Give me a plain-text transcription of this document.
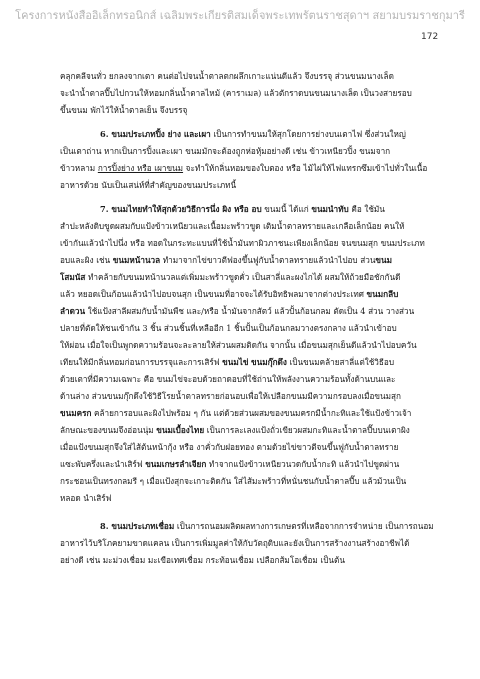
โครงการหนังสืออิเล็กทรอนิกส์ เฉลิมพระเกียรติสมเด็จพระเทพรัตนราชสุดาฯ สยามบรมราชกุมารี
172
คลุกคลีจนทั่ว ยกลงจากเตา คนต่อไปจนน้ำตาลตกผลึกเกาะแน่นดีแล้ว จึงบรรจุ ส่วนขนมนางเล็ด
จะนำน้ำตาลปี๊บไปกวนให้หอมกลิ่นน้ำตาลไหม้ (คาราเมล) แล้วตักราดบนขนมนางเล็ด เป็นวงสายรอบ
ขึ้นขนม พักไว้ให้น้ำตาลเย็น จึงบรรจุ
6. ขนมประเภทปิ้ง ย่าง และเผา เป็นการทำขนมให้สุกโดยการย่างบนเตาไฟ ซึ่งส่วนใหญ่
เป็นเตาถ่าน หากเป็นการปิ้งและเผา ขนมมักจะต้องถูกห่อหุ้มอย่างดี เช่น ข้าวเหนียวปิ้ง ขนมจาก
ข้าวหลาม การปิ้งย่าง หรือ เผาขนม จะทำให้กลิ่นหอมของใบตอง หรือ ไม้ไผ่ให้ไฟแทรกซึมเข้าไปทั่วในเนื้อ
อาหารด้วย นับเป็นเสน่ห์ที่สำคัญของขนมประเภทนี้
7. ขนมไทยทำให้สุกด้วยวิธีการนึ่ง ผิง หรือ อบ ขนมนี้ ได้แก่ ขนมนำทับ คือ ใช้มัน
สำปะหลังดิบขูดผสมกับแป้งข้าวเหนียวและเนื้อมะพร้าวขูด เติมน้ำตาลทรายและเกลือเล็กน้อย คนให้
เข้ากันแล้วนำไปนึ่ง หรือ ทอดในกระทะแบนที่ใช้น้ำมันทาผิวภาชนะเพียงเล็กน้อย จนขนมสุก ขนมประเภท
อบและผิง เช่น ขนมหน้านวล ทำมาจากไข่ขาวตีฟองขึ้นฟูกับน้ำตาลทรายแล้วนำไปอบ ส่วนขนม
โสมนัส ทำคล้ายกับขนมหน้านวลแต่เพิ่มมะพร้าวขูดคั่ว เป็นสาลี่และผงไกได้ ผสมให้ถ้วยมือชักกันดี
แล้ว หยอดเป็นก้อนแล้วนำไปอบจนสุก เป็นขนมที่อาจจะได้รับอิทธิพลมาจากต่างประเทศ ขนมกลีบ
ลำดวน ใช้แป้งสาลีผสมกับน้ำมันพืช และ/หรือ น้ำมันจากสัตว์ แล้วปั้นก้อนกลม ตัดเป็น 4 ส่วน วางส่วน
ปลายที่ตัดให้ชนเข้ากัน 3 ชิ้น ส่วนชิ้นที่เหลืออีก 1 ชิ้นปั้นเป็นก้อนกลมวางตรงกลาง แล้วนำเข้าอบ
ให้ผ่อน เมื่อใจเป็นพูกดความร้อนจะละลายให้ส่วนผสมติดกัน จากนั้น เมื่อขนมสุกเย็นดีแล้วนำไปอบควัน
เทียนให้มีกลิ่นหอมก่อนการบรรจุและการเสิร์ฟ ขนมไข่ ขนมกุ๊กดึง เป็นขนมคล้ายสาลี่แต่ใช้วิธีอบ
ด้วยเตาที่มีความเฉพาะ คือ ขนมไข่จะอบด้วยถาดอบที่ใช้ถ่านให้พลังงานความร้อนทั้งด้านบนและ
ด้านล่าง ส่วนขนมกุ๊กดึงใช้วิธีโรยน้ำตาลทรายก่อนอบเพื่อให้เปลือกขนมมีความกรอบลงเมื่อขนมสุก
ขนมครก คล้ายการอบและผิงไปพร้อม ๆ กัน แต่ด้วยส่วนผสมของขนมครกมีน้ำกะทิและใช้แป้งข้าวเจ้า
ลักษณะของขนมจึงอ่อนนุ่ม ขนมเบื้องไทย เป็นการละเลงแป้งถั่วเขียวผสมกะทิและน้ำตาลปี๊บบนเตาผิง
เมื่อแป้งขนมสุกจึงใส่ไส้ต้นหน้ากุ้ง หรือ งาคั่วกับฝอยทอง ตามด้วยไข่ขาวตีจนขึ้นฟูกับน้ำตาลทราย
แซะพับครึ่งและนำเสิร์ฟ ขนมเกษรลำเจียก ทำจากแป้งข้าวเหนียวนวดกับน้ำกะทิ แล้วนำไปขูดผ่าน
กระชอนเป็นทรงกลมรี ๆ เมื่อแป้งสุกจะเกาะติดกัน ใส่ไส้มะพร้าวที่หนั่นชนกับน้ำตาลปี๊บ แล้วม้วนเป็น
หลอด นำเสิร์ฟ
8. ขนมประเภทเชื่อม เป็นการถนอมผลิตผลทางการเกษตรที่เหลือจากการจำหน่าย เป็นการถนอม
อาหารไว้บริโภคยามขาดแคลน เป็นการเพิ่มมูลค่าให้กับวัตถุดิบและยังเป็นการสร้างงานสร้างอาชีพได้
อย่างดี เช่น มะม่วงเชื่อม มะเขือเทศเชื่อม กระท้อนเชื่อม เปลือกส้มโอเชื่อม เป็นต้น
